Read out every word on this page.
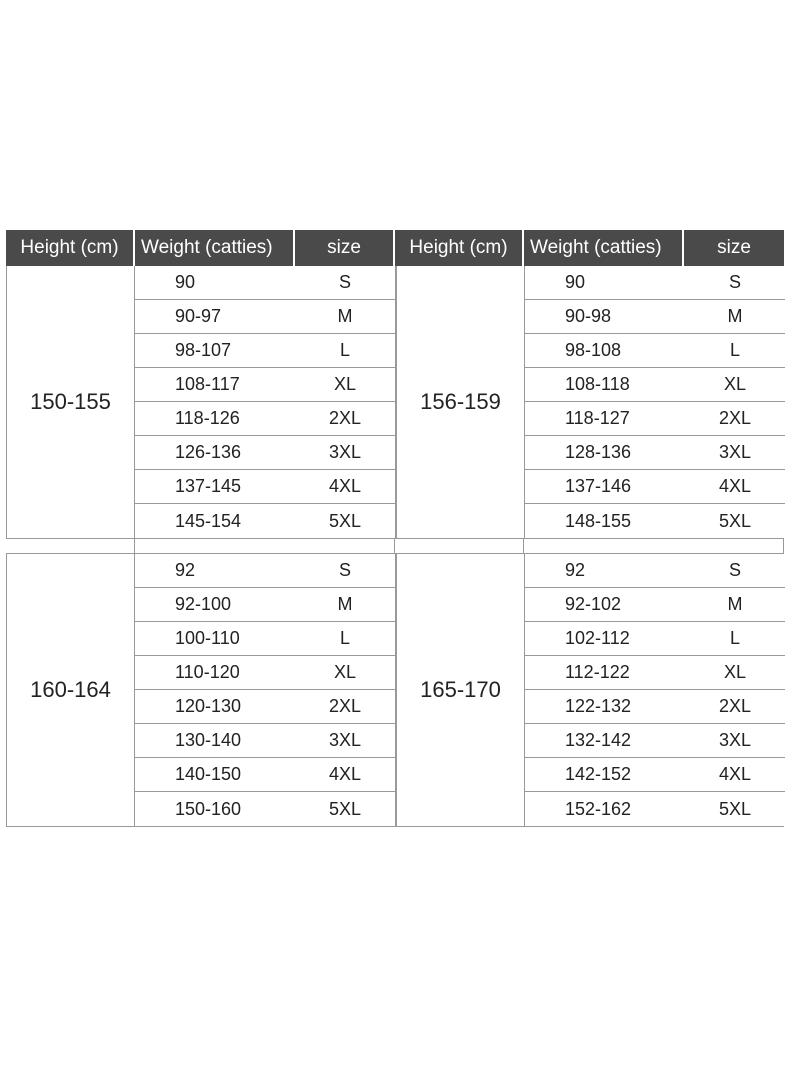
Height (cm)	Weight (catties)	size	Height (cm)	Weight (catties)	size
150-155
90	S
90-97	M
98-107	L
108-117	XL
118-126	2XL
126-136	3XL
137-145	4XL
145-154	5XL
156-159
90	S
90-98	M
98-108	L
108-118	XL
118-127	2XL
128-136	3XL
137-146	4XL
148-155	5XL
160-164
92	S
92-100	M
100-110	L
110-120	XL
120-130	2XL
130-140	3XL
140-150	4XL
150-160	5XL
165-170
92	S
92-102	M
102-112	L
112-122	XL
122-132	2XL
132-142	3XL
142-152	4XL
152-162	5XL
